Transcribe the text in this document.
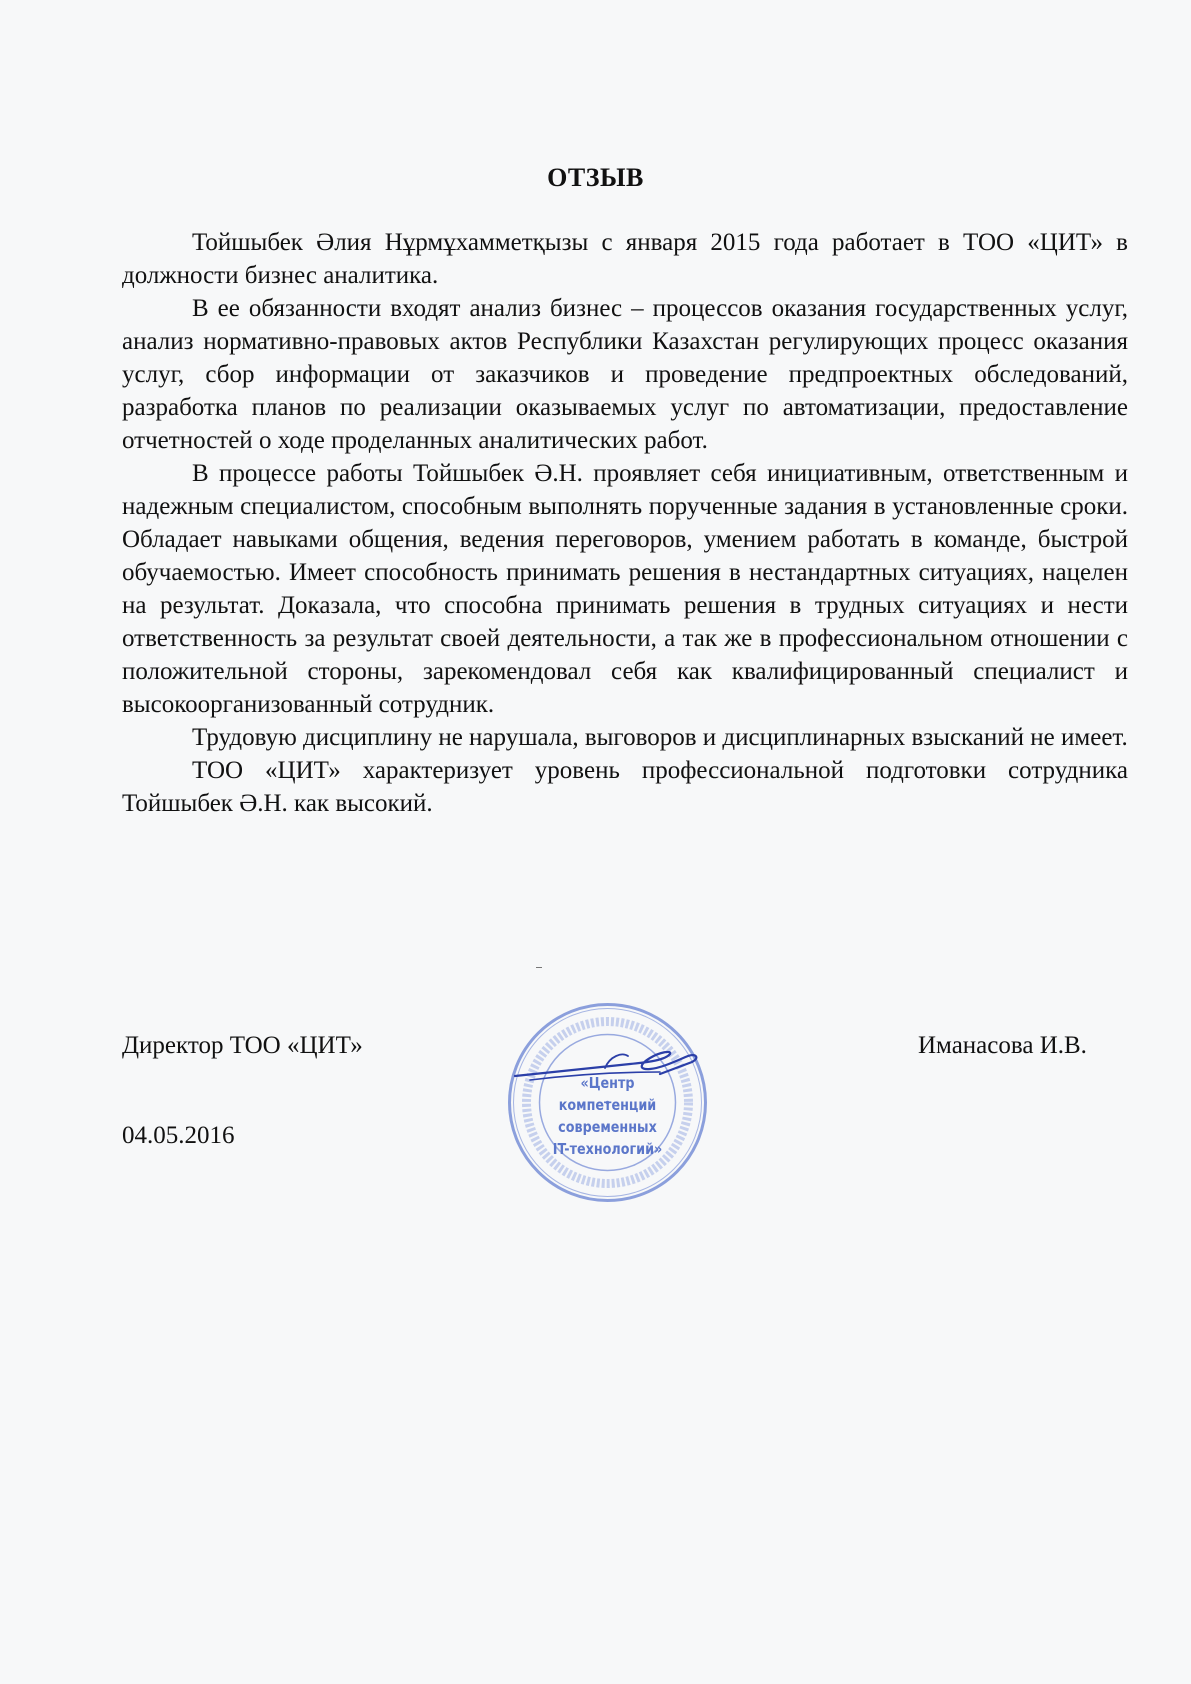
ОТЗЫВ

Тойшыбек Әлия Нұрмұхамметқызы с января 2015 года работает в ТОО «ЦИТ» в должности бизнес аналитика.

В ее обязанности входят анализ бизнес – процессов оказания государственных услуг, анализ нормативно-правовых актов Республики Казахстан регулирующих процесс оказания услуг, сбор информации от заказчиков и проведение предпроектных обследований, разработка планов по реализации оказываемых услуг по автоматизации, предоставление отчетностей о ходе проделанных аналитических работ.

В процессе работы Тойшыбек Ә.Н. проявляет себя инициативным, ответственным и надежным специалистом, способным выполнять порученные задания в установленные сроки. Обладает навыками общения, ведения переговоров, умением работать в команде, быстрой обучаемостью. Имеет способность принимать решения в нестандартных ситуациях, нацелен на результат. Доказала, что способна принимать решения в трудных ситуациях и нести ответственность за результат своей деятельности, а так же в профессиональном отношении с положительной стороны, зарекомендовал себя как квалифицированный специалист и высокоорганизованный сотрудник.

Трудовую дисциплину не нарушала, выговоров и дисциплинарных взысканий не имеет.

ТОО «ЦИТ» характеризует уровень профессиональной подготовки сотрудника Тойшыбек Ә.Н. как высокий.

Директор ТОО «ЦИТ»	Иманасова И.В.
04.05.2016
«Центр компетенций
современных
IT-технологий»
